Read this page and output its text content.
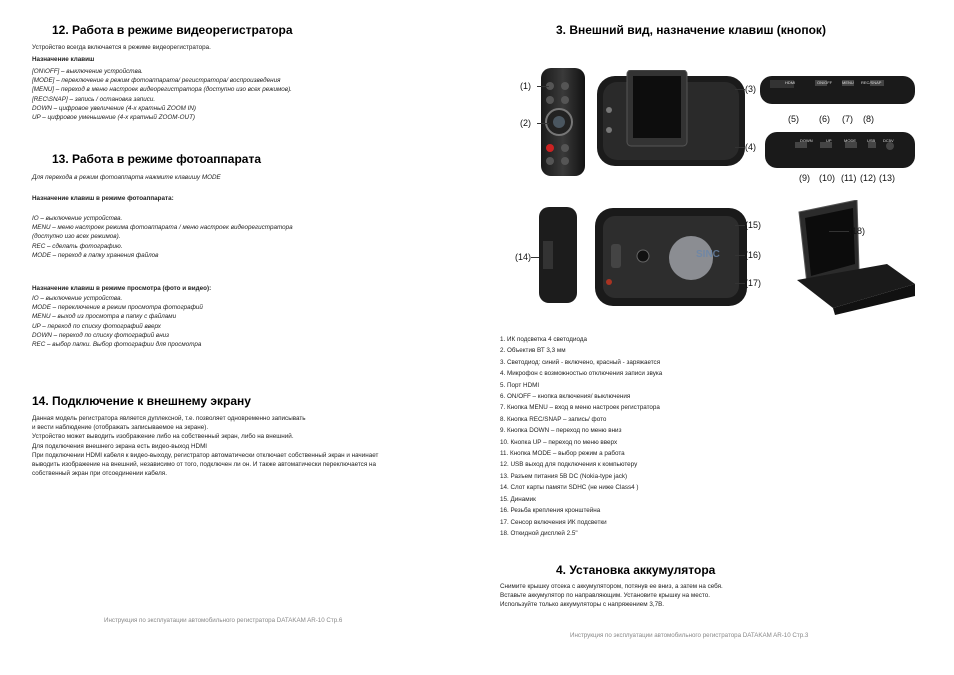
12. Работа в режиме видеорегистратора
Устройство всегда включается в режиме видеорегистратора.
Назначение клавиш
[ON\OFF] – выключение устройства.
[MODE] – переключение в режим фотоаппарата/ регистратора/ воспроизведения
[MENU] – переход в меню настроек видеорегистратора (доступно изо всех режимов).
[REC\SNAP] – запись / остановка записи.
DOWN – цифровое увеличение (4-х кратный ZOOM IN)
UP – цифровое уменьшение (4-х кратный ZOOM-OUT)
13. Работа в режиме фотоаппарата
Для перехода в режим фотоаппарта нажмите клавишу MODE
Назначение клавиш в режиме фотоаппарата:
IO – выключение устройства.
MENU – меню настроек режима фотоаппарата / меню настроек видеорегистратора
(доступно изо всех режимов).
REC – сделать фотографию.
MODE – переход в папку хранения файлов
Назначение клавиш в режиме просмотра (фото и видео):
IO – выключение устройства.
MODE – переключение в режим просмотра фотографий
MENU – выход из просмотра в папку с файлами
UP – переход по списку фотографий вверх
DOWN – переход по списку фотографий вниз
REC – выбор папки. Выбор фотографии для просмотра
14. Подключение к внешнему экрану
Данная модель регистратора является дуплексной, т.е. позволяет одновременно записывать
и вести наблюдение (отображать записываемое на экране).
Устройство может выводить изображение либо на собственный экран, либо на внешний.
Для подключения внешнего экрана есть видео-выход HDMI
При подключении HDMI кабеля к видео-выходу, регистратор автоматически отключает собственный экран и начинает
выводить изображение на внешний, независимо от того, подключен ли он. И также автоматически переключается на
собственный экран при отсоединении кабеля.
Инструкция по эксплуатации автомобильного регистратора DATAKAM AR-10 Стр.6
3. Внешний вид, назначение клавиш (кнопок)
HDMI	ON/OFF MENU REC/SNAP
DOWN	UP	MODE	USB DC5V
SINC
1. ИК подсветка 4 светодиода
2. Объектив ВТ 3,3 мм
3. Светодиод: синий - включено, красный - заряжается
4. Микрофон с возможностью отключения записи звука
5. Порт HDMI
6. ON/OFF – кнопка включения/ выключения
7. Кнопка MENU – вход в меню настроек регистратора
8. Кнопка REC/SNAP – запись/ фото
9. Кнопка DOWN – переход по меню вниз
10. Кнопка UP – переход по меню вверх
11. Кнопка MODE – выбор режим а работа
12. USB выход для подключения к компьютеру
13. Разъем питания 5В DC (Nokia-type jack)
14. Слот карты памяти SDHC (не ниже Class4 )
15. Динамик
16. Резьба крепления кронштейна
17. Сенсор включения ИК подсветки
18. Откидной дисплей 2.5"
4. Установка аккумулятора
Снимите крышку отсека с аккумулятором, потянув ее вниз, а затем на себя.
Вставьте аккумулятор по направляющим. Установите крышку на место.
Используйте только аккумуляторы с напряжением 3,7В.
Инструкция по эксплуатации автомобильного регистратора DATAKAM AR-10 Стр.3
(1)
(2)
(3)
(4)
(5) (6) (7) (8)
(9) (10) (11) (12) (13)
(14)
(15)
(16)
(17)
(18)
